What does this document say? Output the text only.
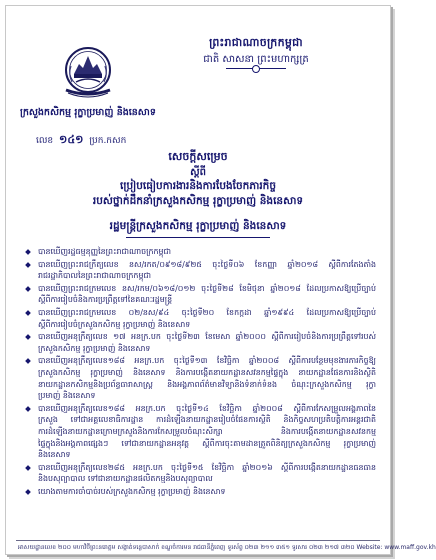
ព្រះរាជាណាចក្រកម្ពុជា
ជាតិ សាសនា ព្រះមហាក្សត្រ
ក្រសួងកសិកម្ម រុក្ខាប្រមាញ់ និងនេសាទ
លេខ ១៤១ ប្រក.កសក
សេចក្តីសម្រេច
ស្តីពី
ប្រៀបធៀបការងារនិងការបែងចែកភារកិច្ច
របស់ថ្នាក់ដឹកនាំក្រសួងកសិកម្ម រុក្ខាប្រមាញ់ និងនេសាទ
រដ្ឋមន្ត្រីក្រសួងកសិកម្ម រុក្ខាប្រមាញ់ និងនេសាទ
បានឃើញរដ្ឋធម្មនុញ្ញនៃព្រះរាជាណាចក្រកម្ពុជា
បានឃើញព្រះរាជក្រឹត្យលេខ នស/រកត/០៩១៨/៩២៥ ចុះថ្ងៃទី០៦ ខែកញ្ញា ឆ្នាំ២០១៨ ស្តីពីការតែងតាំង
រាជរដ្ឋាភិបាលនៃព្រះរាជាណាចក្រកម្ពុជា
បានឃើញព្រះរាជក្រមលេខ នស/រកម/០៦១៨/០១២ ចុះថ្ងៃទី២៨ ខែមិថុនា ឆ្នាំ២០១៨ ដែលប្រកាសឱ្យប្រើច្បាប់
ស្តីពីការរៀបចំនិងការប្រព្រឹត្តទៅនៃគណៈរដ្ឋមន្ត្រី
បានឃើញព្រះរាជក្រមលេខ ០២/នស/៩៤ ចុះថ្ងៃទី២០ ខែកក្កដា ឆ្នាំ១៩៩៤ ដែលប្រកាសឱ្យប្រើច្បាប់
ស្តីពីការរៀបចំក្រសួងកសិកម្ម រុក្ខាប្រមាញ់ និងនេសាទ
បានឃើញអនុក្រឹត្យលេខ ១៧ អនក្រ.បក ចុះថ្ងៃទី២៣ ខែមេសា ឆ្នាំ២០០០ ស្តីពីការរៀបចំនិងការប្រព្រឹត្តទៅរបស់
ក្រសួងកសិកម្ម រុក្ខាប្រមាញ់ និងនេសាទ
បានឃើញអនុក្រឹត្យលេខ១៨៨ អនក្រ.បក ចុះថ្ងៃទី១៣ ខែវិច្ឆិកា ឆ្នាំ២០០៨ ស្តីពីការបន្ថែមមុខងារភារកិច្ចឱ្យ
ក្រសួងកសិកម្ម រុក្ខាប្រមាញ់ និងនេសាទ និងការបង្កើតនាយកដ្ឋានសវនកម្មផ្ទៃក្នុង នាយកដ្ឋានផែនការនិងស្ថិតិ
នាយកដ្ឋានកសិកម្មនិងប្រព័ន្ធធារាសាស្ត្រ និងអង្គភាពព័ត៌មានវិទ្យានិងទំនាក់ទំនង ចំណុះក្រសួងកសិកម្ម រុក្ខា
ប្រមាញ់ និងនេសាទ
បានឃើញអនុក្រឹត្យលេខ១៨៨ អនក្រ.បក ចុះថ្ងៃទី១៤ ខែវិច្ឆិកា ឆ្នាំ២០០៨ ស្តីពីការកែសម្រួលអង្គភាពនៃ
ក្រសួង ទៅជាអគ្គលេខាធិការដ្ឋាន ការដំឡើងនាយកដ្ឋានរៀបចំផែនការស្ថិតិ និងកិច្ចសហប្រតិបត្តិការអន្តរជាតិ
ការដំឡើងនាយកដ្ឋានក្រោមក្រសួងនិងការកែសម្រួលចំណុះសិក្សា និងការបង្កើតនាយកដ្ឋានសវនកម្ម
ផ្ទៃក្នុងនិងអង្គភាពផ្សេងៗ ទៅជានាយកដ្ឋានអនុវត្ត ស្តីពីការចុះតាមដានត្រួតពិនិត្យក្រសួងកសិកម្ម រុក្ខាប្រមាញ់
និងនេសាទ
បានឃើញអនុក្រឹត្យលេខ២៨៥ អនក្រ.បក ចុះថ្ងៃទី១៥ ខែវិច្ឆិកា ឆ្នាំ២០១៦ ស្តីពីការបង្កើតនាយកដ្ឋានធនធាន
និងបសុព្យាបាល ទៅជានាយកដ្ឋានផលិតកម្មនិងបសុព្យាបាល
យោងតាមការចាំបាច់របស់ក្រសួងកសិកម្ម រុក្ខាប្រមាញ់ និងនេសាទ
អាសយដ្ឋានលេខ ២០០ មហាវិថីព្រះនរោត្តម សង្កាត់ទន្លេបាសាក់ ខណ្ឌចំការមន រាជធានីភ្នំពេញ ទូរស័ព្ទ ០២៣ ២១១ ៣៥១ ទូរសារ ០២៣ ២១៧ ៣២០ Website: www.maff.gov.kh
